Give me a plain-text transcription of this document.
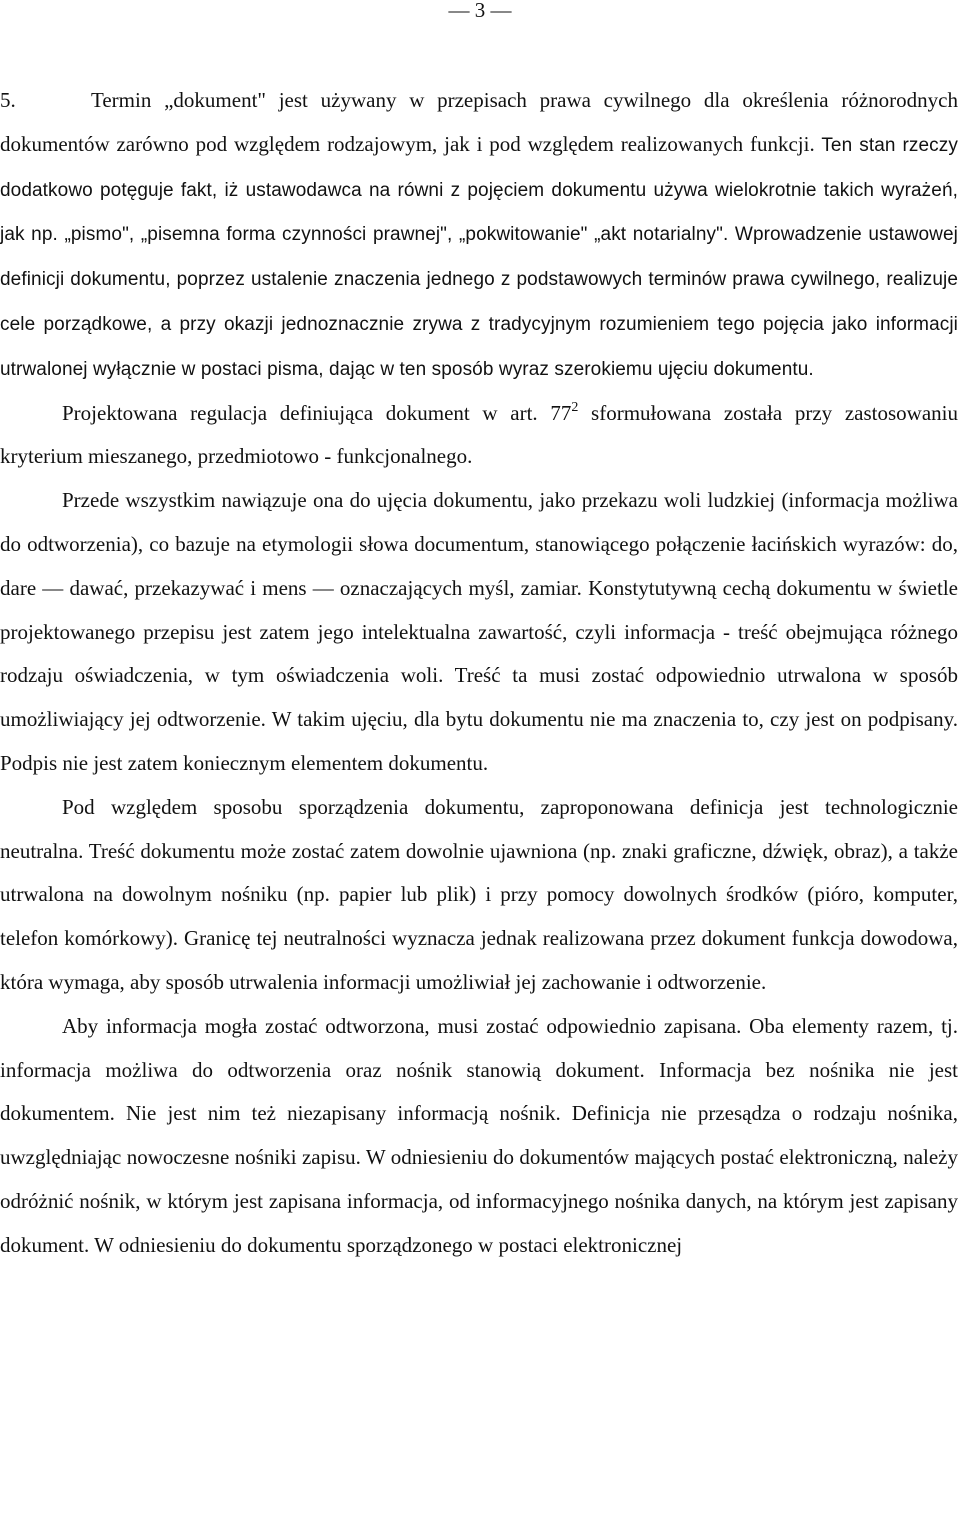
— 3 —

5.	Termin „dokument" jest używany w przepisach prawa cywilnego dla określenia różnorodnych dokumentów zarówno pod względem rodzajowym, jak i pod względem realizowanych funkcji. Ten stan rzeczy dodatkowo potęguje fakt, iż ustawodawca na równi z pojęciem dokumentu używa wielokrotnie takich wyrażeń, jak np. „pismo", „pisemna forma czynności prawnej", „pokwitowanie" „akt notarialny". Wprowadzenie ustawowej definicji dokumentu, poprzez ustalenie znaczenia jednego z podstawowych terminów prawa cywilnego, realizuje cele porządkowe, a przy okazji jednoznacznie zrywa z tradycyjnym rozumieniem tego pojęcia jako informacji utrwalonej wyłącznie w postaci pisma, dając w ten sposób wyraz szerokiemu ujęciu dokumentu.

Projektowana regulacja definiująca dokument w art. $77^2$ sformułowana została przy zastosowaniu kryterium mieszanego, przedmiotowo - funkcjonalnego.

Przede wszystkim nawiązuje ona do ujęcia dokumentu, jako przekazu woli ludzkiej (informacja możliwa do odtworzenia), co bazuje na etymologii słowa documentum, stanowiącego połączenie łacińskich wyrazów: do, dare — dawać, przekazywać i mens — oznaczających myśl, zamiar. Konstytutywną cechą dokumentu w świetle projektowanego przepisu jest zatem jego intelektualna zawartość, czyli informacja - treść obejmująca różnego rodzaju oświadczenia, w tym oświadczenia woli. Treść ta musi zostać odpowiednio utrwalona w sposób umożliwiający jej odtworzenie. W takim ujęciu, dla bytu dokumentu nie ma znaczenia to, czy jest on podpisany. Podpis nie jest zatem koniecznym elementem dokumentu.

Pod względem sposobu sporządzenia dokumentu, zaproponowana definicja jest technologicznie neutralna. Treść dokumentu może zostać zatem dowolnie ujawniona (np. znaki graficzne, dźwięk, obraz), a także utrwalona na dowolnym nośniku (np. papier lub plik) i przy pomocy dowolnych środków (pióro, komputer, telefon komórkowy). Granicę tej neutralności wyznacza jednak realizowana przez dokument funkcja dowodowa, która wymaga, aby sposób utrwalenia informacji umożliwiał jej zachowanie i odtworzenie.

Aby informacja mogła zostać odtworzona, musi zostać odpowiednio zapisana. Oba elementy razem, tj. informacja możliwa do odtworzenia oraz nośnik stanowią dokument. Informacja bez nośnika nie jest dokumentem. Nie jest nim też niezapisany informacją nośnik. Definicja nie przesądza o rodzaju nośnika, uwzględniając nowoczesne nośniki zapisu. W odniesieniu do dokumentów mających postać elektroniczną, należy odróżnić nośnik, w którym jest zapisana informacja, od informacyjnego nośnika danych, na którym jest zapisany dokument. W odniesieniu do dokumentu sporządzonego w postaci elektronicznej
